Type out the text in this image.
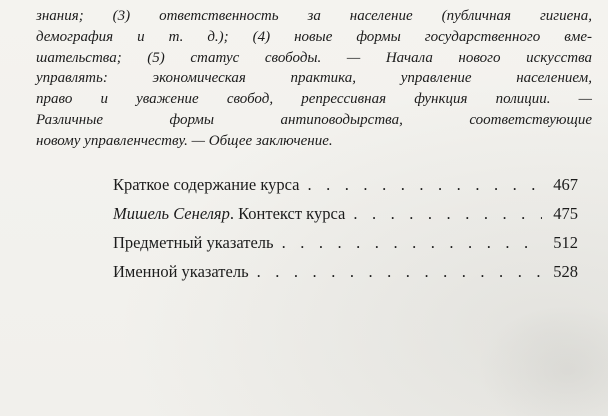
знания; (3) ответственность за население (публичная гигиена,
демография и т. д.); (4) новые формы государственного вме-
шательства; (5) статус свободы. — Начала нового искусства
управлять: экономическая практика, управление населением,
право и уважение свобод, репрессивная функция полиции. —
Различные формы антиповодырства, соответствующие
новому управленчеству. — Общее заключение.

Краткое содержание курса . . .	467
Мишель Сенеляр. Контекст курса . . .	475
Предметный указатель . . .	512
Именной указатель . . .	528
